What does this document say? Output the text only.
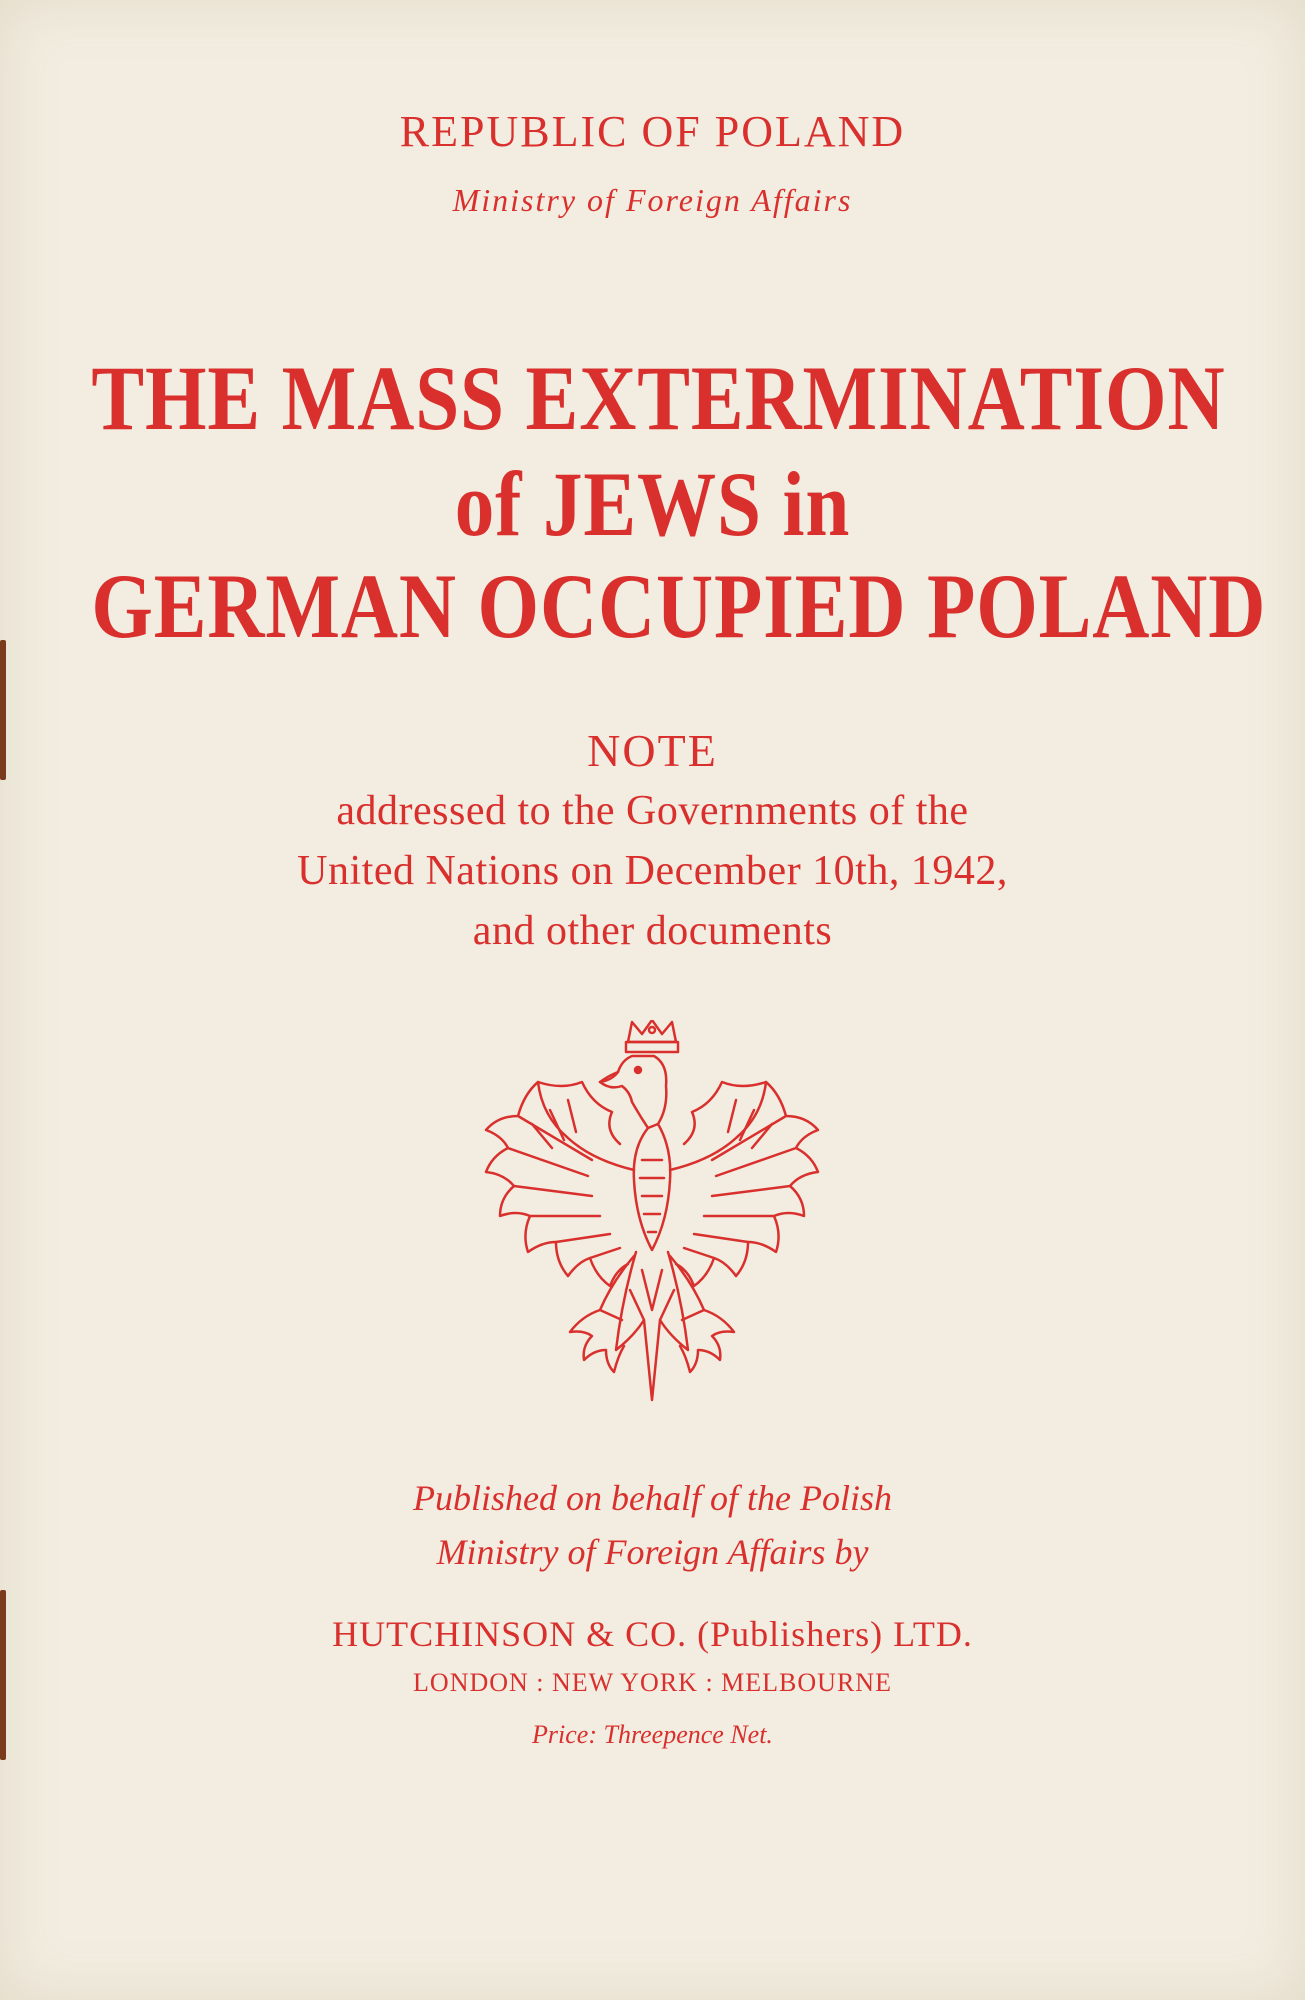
REPUBLIC OF POLAND
Ministry of Foreign Affairs
THE MASS EXTERMINATION
of JEWS in
GERMAN OCCUPIED POLAND
NOTE
addressed to the Governments of the
United Nations on December 10th, 1942,
and other documents
Published on behalf of the Polish
Ministry of Foreign Affairs by
HUTCHINSON & CO. (Publishers) LTD.
LONDON : NEW YORK : MELBOURNE
Price: Threepence Net.
